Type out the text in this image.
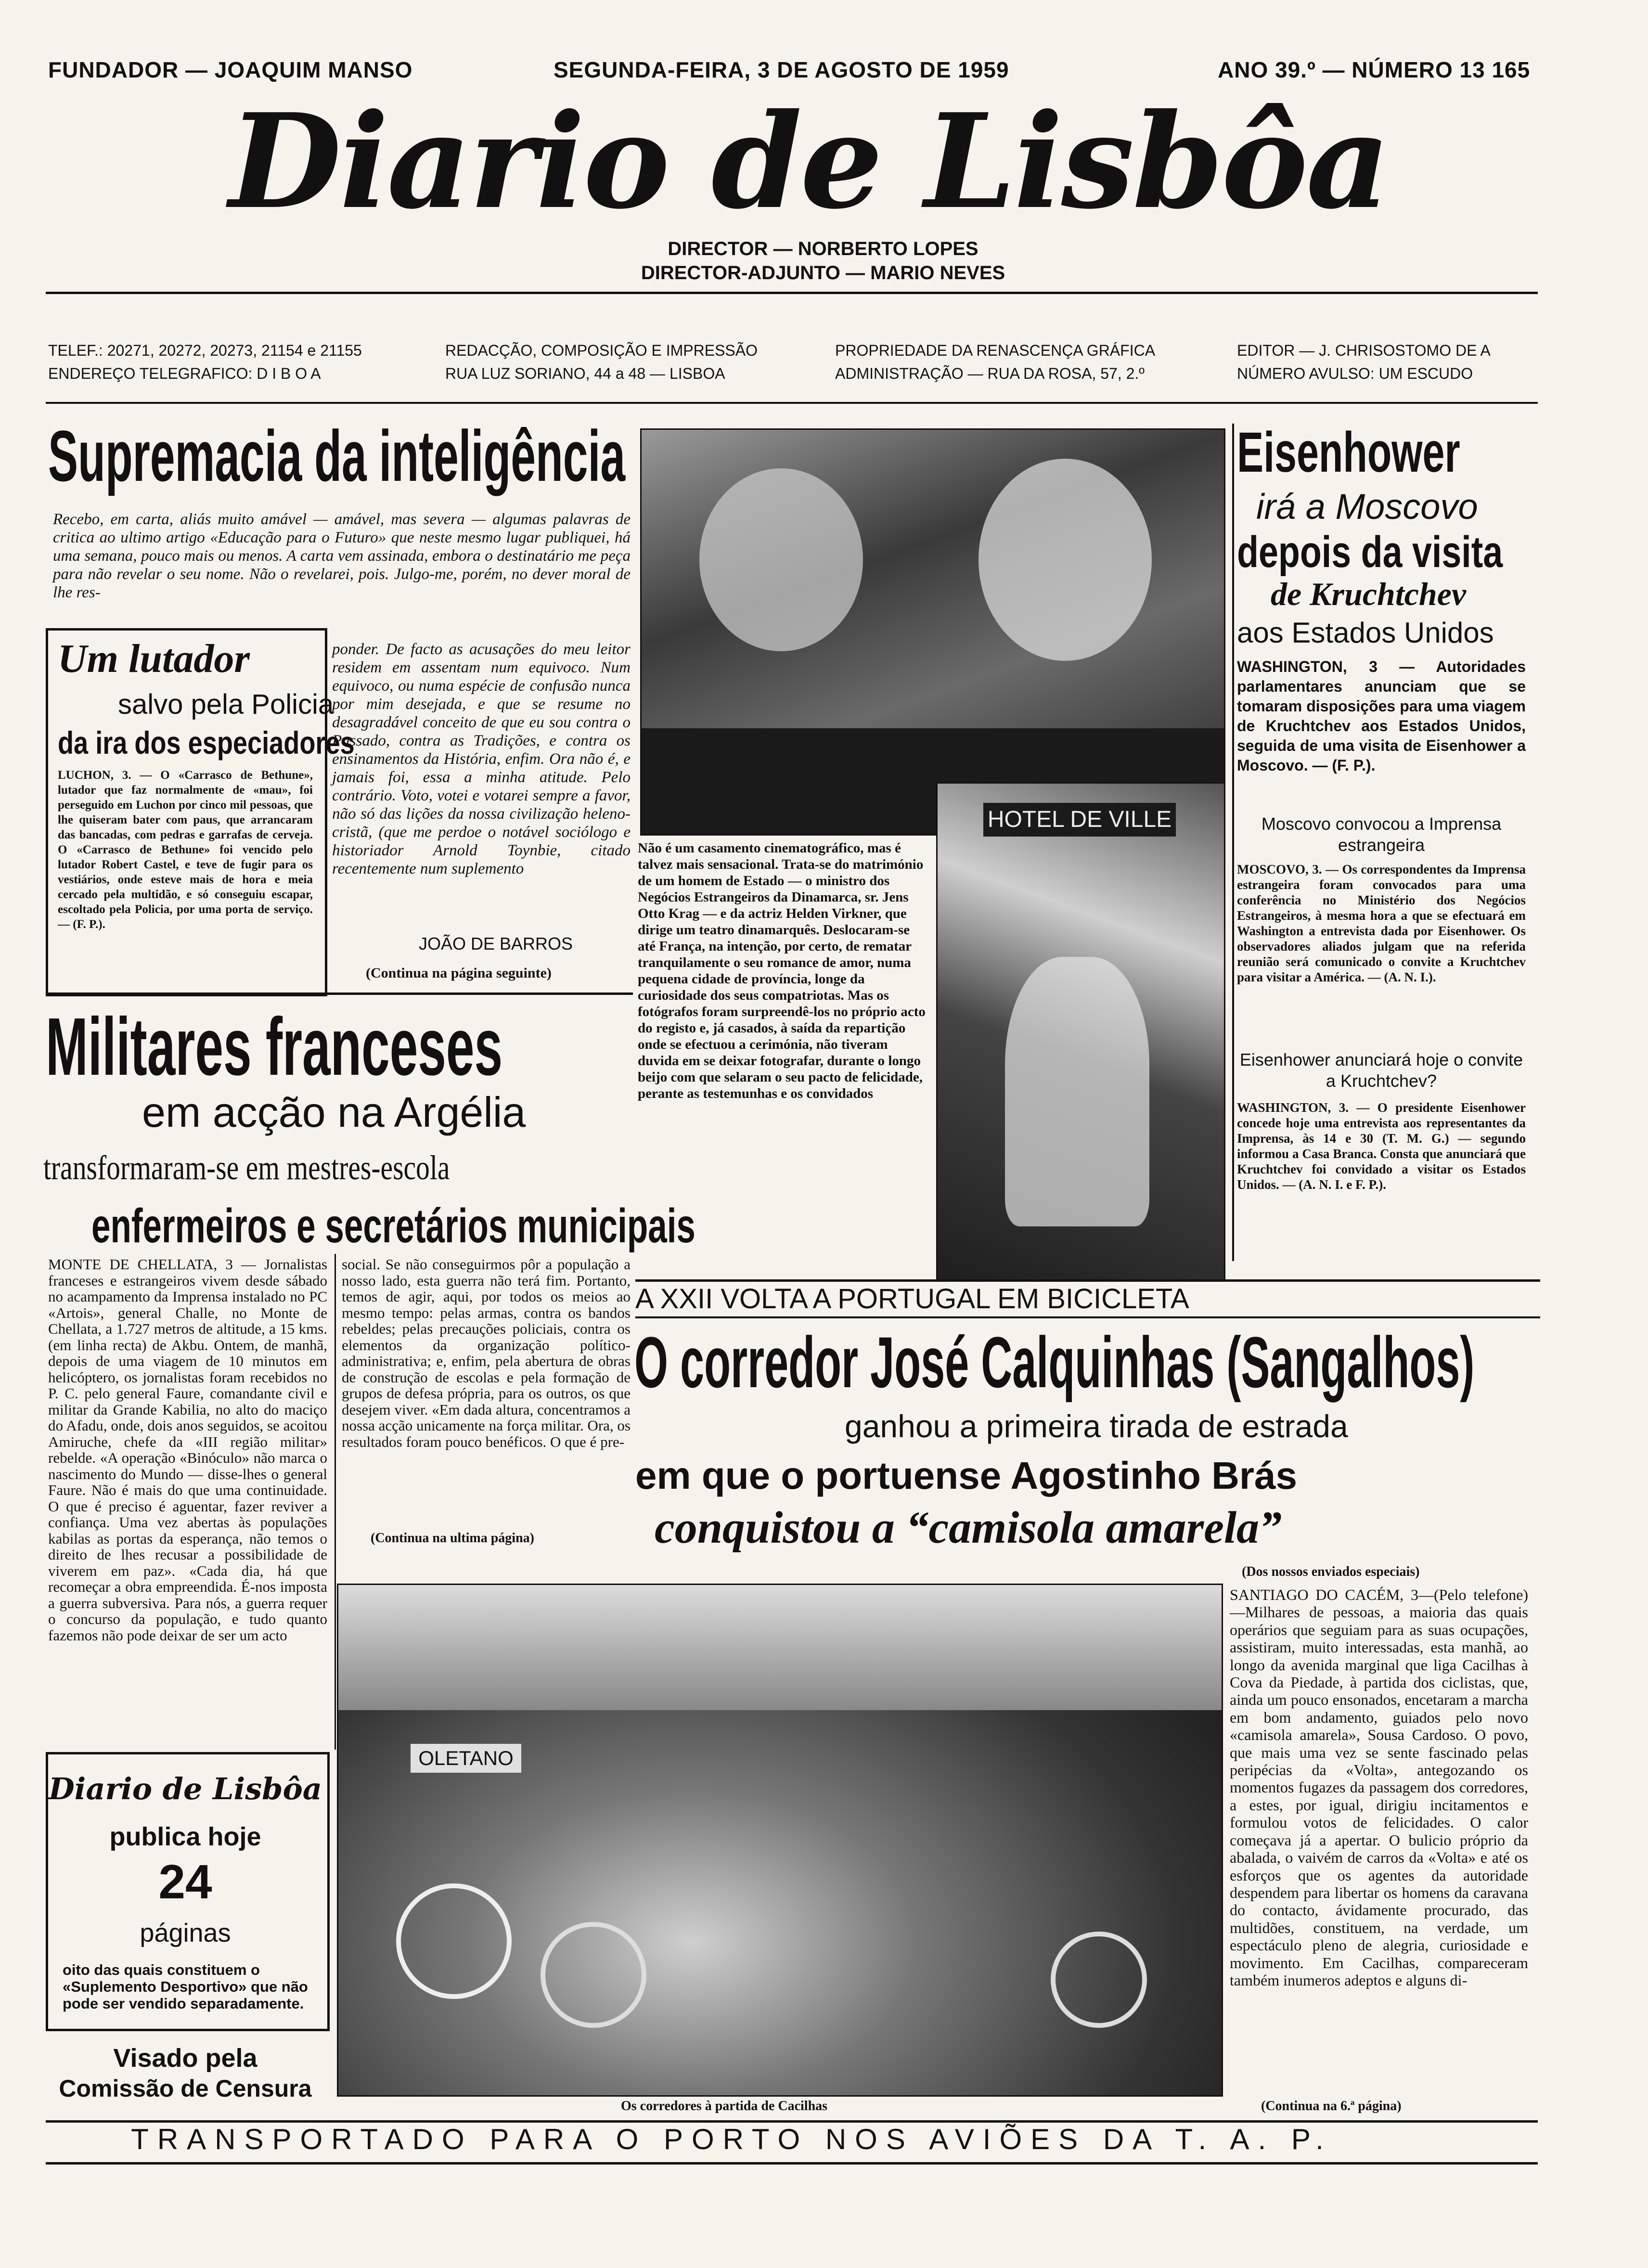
FUNDADOR — JOAQUIM MANSO	SEGUNDA-FEIRA, 3 DE AGOSTO DE 1959	ANO 39.º — NÚMERO 13 165
Diario de Lisbôa
DIRECTOR — NORBERTO LOPES
DIRECTOR-ADJUNTO — MARIO NEVES
TELEF.: 20271, 20272, 20273, 21154 e 21155
ENDEREÇO TELEGRAFICO: D I B O A
REDACÇÃO, COMPOSIÇÃO E IMPRESSÃO
RUA LUZ SORIANO, 44 a 48 — LISBOA
PROPRIEDADE DA RENASCENÇA GRÁFICA
ADMINISTRAÇÃO — RUA DA ROSA, 57, 2.º
EDITOR — J. CHRISOSTOMO DE A
NÚMERO AVULSO: UM ESCUDO
Supremacia da inteligência
Recebo, em carta, aliás muito amável — amável, mas severa — algumas palavras de critica ao ultimo artigo «Educação para o Futuro» que neste mesmo lugar publiquei, há uma semana, pouco mais ou menos. A carta vem assinada, embora o destinatário me peça para não revelar o seu nome. Não o revelarei, pois. Julgo-me, porém, no dever moral de lhe res-
Um lutador
salvo pela Policia
da ira dos especiadores
LUCHON, 3. — O «Carrasco de Bethune», lutador que faz normalmente de «mau», foi perseguido em Luchon por cinco mil pessoas, que lhe quiseram bater com paus, que arrancaram das bancadas, com pedras e garrafas de cerveja. O «Carrasco de Bethune» foi vencido pelo lutador Robert Castel, e teve de fugir para os vestiários, onde esteve mais de hora e meia cercado pela multidão, e só conseguiu escapar, escoltado pela Policia, por uma porta de serviço. — (F. P.).
ponder. De facto as acusações do meu leitor residem em assentam num equivoco. Num equivoco, ou numa espécie de confusão nunca por mim desejada, e que se resume no desagradável conceito de que eu sou contra o Passado, contra as Tradições, e contra os ensinamentos da História, enfim. Ora não é, e jamais foi, essa a minha atitude. Pelo contrário. Voto, votei e votarei sempre a favor, não só das lições da nossa civilização heleno-cristã, (que me perdoe o notável sociólogo e historiador Arnold Toynbie, citado recentemente num suplemento
JOÃO DE BARROS
(Continua na página seguinte)
Militares franceses
em acção na Argélia
transformaram-se em mestres-escola
enfermeiros e secretários municipais
MONTE DE CHELLATA, 3 — Jornalistas franceses e estrangeiros vivem desde sábado no acampamento da Imprensa instalado no PC «Artois», general Challe, no Monte de Chellata, a 1.727 metros de altitude, a 15 kms. (em linha recta) de Akbu. Ontem, de manhã, depois de uma viagem de 10 minutos em helicóptero, os jornalistas foram recebidos no P. C. pelo general Faure, comandante civil e militar da Grande Kabilia, no alto do maciço do Afadu, onde, dois anos seguidos, se acoitou Amiruche, chefe da «III região militar» rebelde. «A operação «Binóculo» não marca o nascimento do Mundo — disse-lhes o general Faure. Não é mais do que uma continuidade. O que é preciso é aguentar, fazer reviver a confiança. Uma vez abertas às populações kabilas as portas da esperança, não temos o direito de lhes recusar a possibilidade de viverem em paz». «Cada dia, há que recomeçar a obra empreendida. É-nos imposta a guerra subversiva. Para nós, a guerra requer o concurso da população, e tudo quanto fazemos não pode deixar de ser um acto
social. Se não conseguirmos pôr a população a nosso lado, esta guerra não terá fim. Portanto, temos de agir, aqui, por todos os meios ao mesmo tempo: pelas armas, contra os bandos rebeldes; pelas precauções policiais, contra os elementos da organização político-administrativa; e, enfim, pela abertura de obras de construção de escolas e pela formação de grupos de defesa própria, para os outros, os que desejem viver. «Em dada altura, concentramos a nossa acção unicamente na força militar. Ora, os resultados foram pouco benéficos. O que é pre-
(Continua na ultima página)
Diario de Lisbôa
publica hoje
24
páginas
oito das quais constituem o «Suplemento Desportivo» que não pode ser vendido separadamente.
Visado pela
Comissão de Censura
HOTEL DE VILLE
Não é um casamento cinematográfico, mas é talvez mais sensacional. Trata-se do matrimónio de um homem de Estado — o ministro dos Negócios Estrangeiros da Dinamarca, sr. Jens Otto Krag — e da actriz Helden Virkner, que dirige um teatro dinamarquês. Deslocaram-se até França, na intenção, por certo, de rematar tranquilamente o seu romance de amor, numa pequena cidade de província, longe da curiosidade dos seus compatriotas. Mas os fotógrafos foram surpreendê-los no próprio acto do registo e, já casados, à saída da repartição onde se efectuou a cerimónia, não tiveram duvida em se deixar fotografar, durante o longo beijo com que selaram o seu pacto de felicidade, perante as testemunhas e os convidados
Eisenhower
irá a Moscovo
depois da visita
de Kruchtchev
aos Estados Unidos
WASHINGTON, 3 — Autoridades parlamentares anunciam que se tomaram disposições para uma viagem de Kruchtchev aos Estados Unidos, seguida de uma visita de Eisenhower a Moscovo. — (F. P.).
Moscovo convocou a Imprensa estrangeira
MOSCOVO, 3. — Os correspondentes da Imprensa estrangeira foram convocados para uma conferência no Ministério dos Negócios Estrangeiros, à mesma hora a que se efectuará em Washington a entrevista dada por Eisenhower. Os observadores aliados julgam que na referida reunião será comunicado o convite a Kruchtchev para visitar a América. — (A. N. I.).
Eisenhower anunciará hoje o convite a Kruchtchev?
WASHINGTON, 3. — O presidente Eisenhower concede hoje uma entrevista aos representantes da Imprensa, às 14 e 30 (T. M. G.) — segundo informou a Casa Branca. Consta que anunciará que Kruchtchev foi convidado a visitar os Estados Unidos. — (A. N. I. e F. P.).
A XXII VOLTA A PORTUGAL EM BICICLETA
O corredor José Calquinhas (Sangalhos)
ganhou a primeira tirada de estrada
em que o portuense Agostinho Brás
conquistou a “camisola amarela”
(Dos nossos enviados especiais)
OLETANO
Os corredores à partida de Cacilhas
SANTIAGO DO CACÉM, 3—(Pelo telefone)—Milhares de pessoas, a maioria das quais operários que seguiam para as suas ocupações, assistiram, muito interessadas, esta manhã, ao longo da avenida marginal que liga Cacilhas à Cova da Piedade, à partida dos ciclistas, que, ainda um pouco ensonados, encetaram a marcha em bom andamento, guiados pelo novo «camisola amarela», Sousa Cardoso. O povo, que mais uma vez se sente fascinado pelas peripécias da «Volta», antegozando os momentos fugazes da passagem dos corredores, a estes, por igual, dirigiu incitamentos e formulou votos de felicidades. O calor começava já a apertar. O bulicio próprio da abalada, o vaivém de carros da «Volta» e até os esforços que os agentes da autoridade despendem para libertar os homens da caravana do contacto, ávidamente procurado, das multidões, constituem, na verdade, um espectáculo pleno de alegria, curiosidade e movimento. Em Cacilhas, compareceram também inumeros adeptos e alguns di-
(Continua na 6.ª página)
TRANSPORTADO PARA O PORTO NOS AVIÕES DA T. A. P.
